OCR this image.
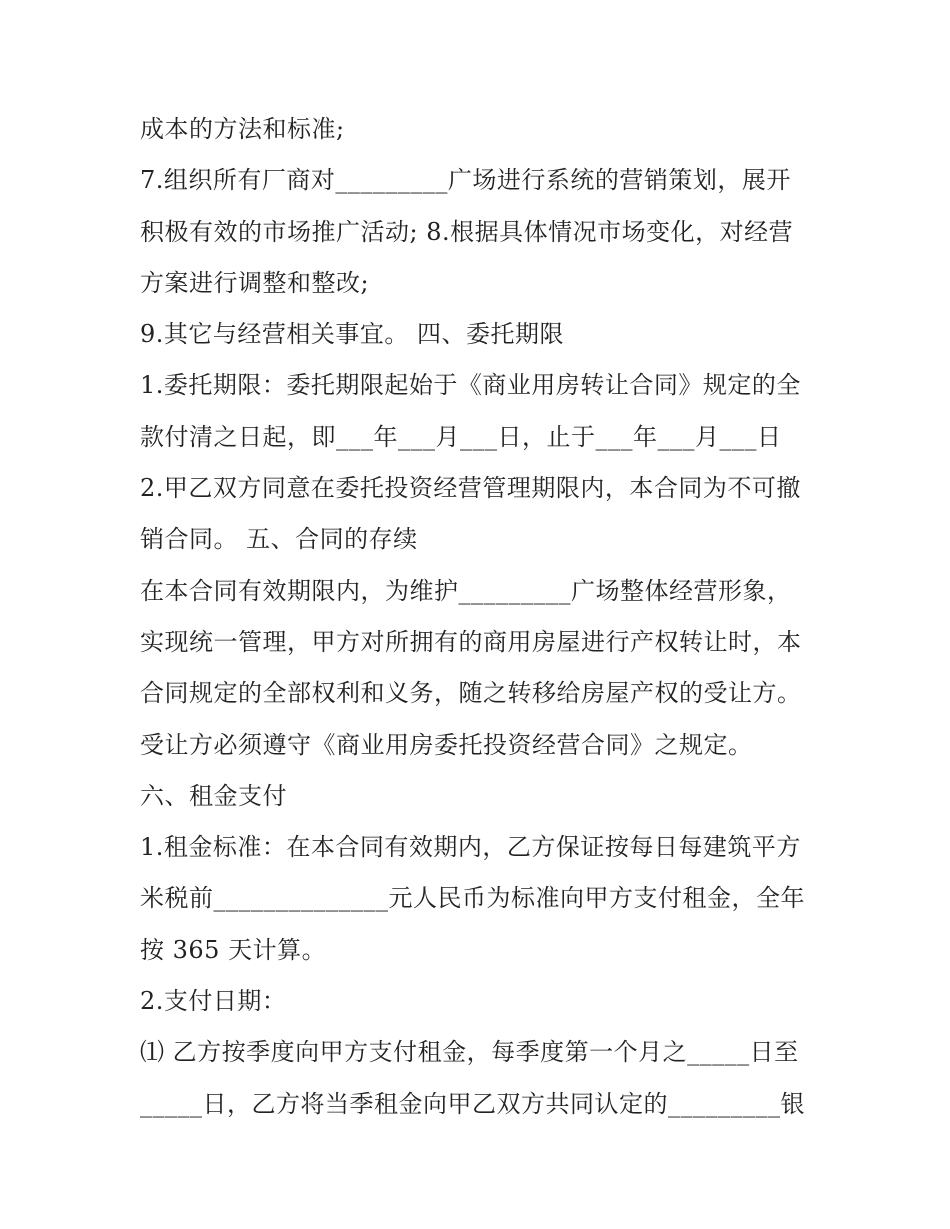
成本的方法和标准;
7.组织所有厂商对_________广场进行系统的营销策划，展开
积极有效的市场推广活动; 8.根据具体情况市场变化，对经营
方案进行调整和整改;
9.其它与经营相关事宜。 四、委托期限
1.委托期限：委托期限起始于《商业用房转让合同》规定的全
款付清之日起，即___年___月___日，止于___年___月___日
2.甲乙双方同意在委托投资经营管理期限内，本合同为不可撤
销合同。 五、合同的存续
在本合同有效期限内，为维护_________广场整体经营形象，
实现统一管理，甲方对所拥有的商用房屋进行产权转让时，本
合同规定的全部权利和义务，随之转移给房屋产权的受让方。
受让方必须遵守《商业用房委托投资经营合同》之规定。
六、租金支付
1.租金标准：在本合同有效期内，乙方保证按每日每建筑平方
米税前______________元人民币为标准向甲方支付租金，全年
按 365 天计算。
2.支付日期：
⑴ 乙方按季度向甲方支付租金，每季度第一个月之_____日至
_____日，乙方将当季租金向甲乙双方共同认定的_________银
